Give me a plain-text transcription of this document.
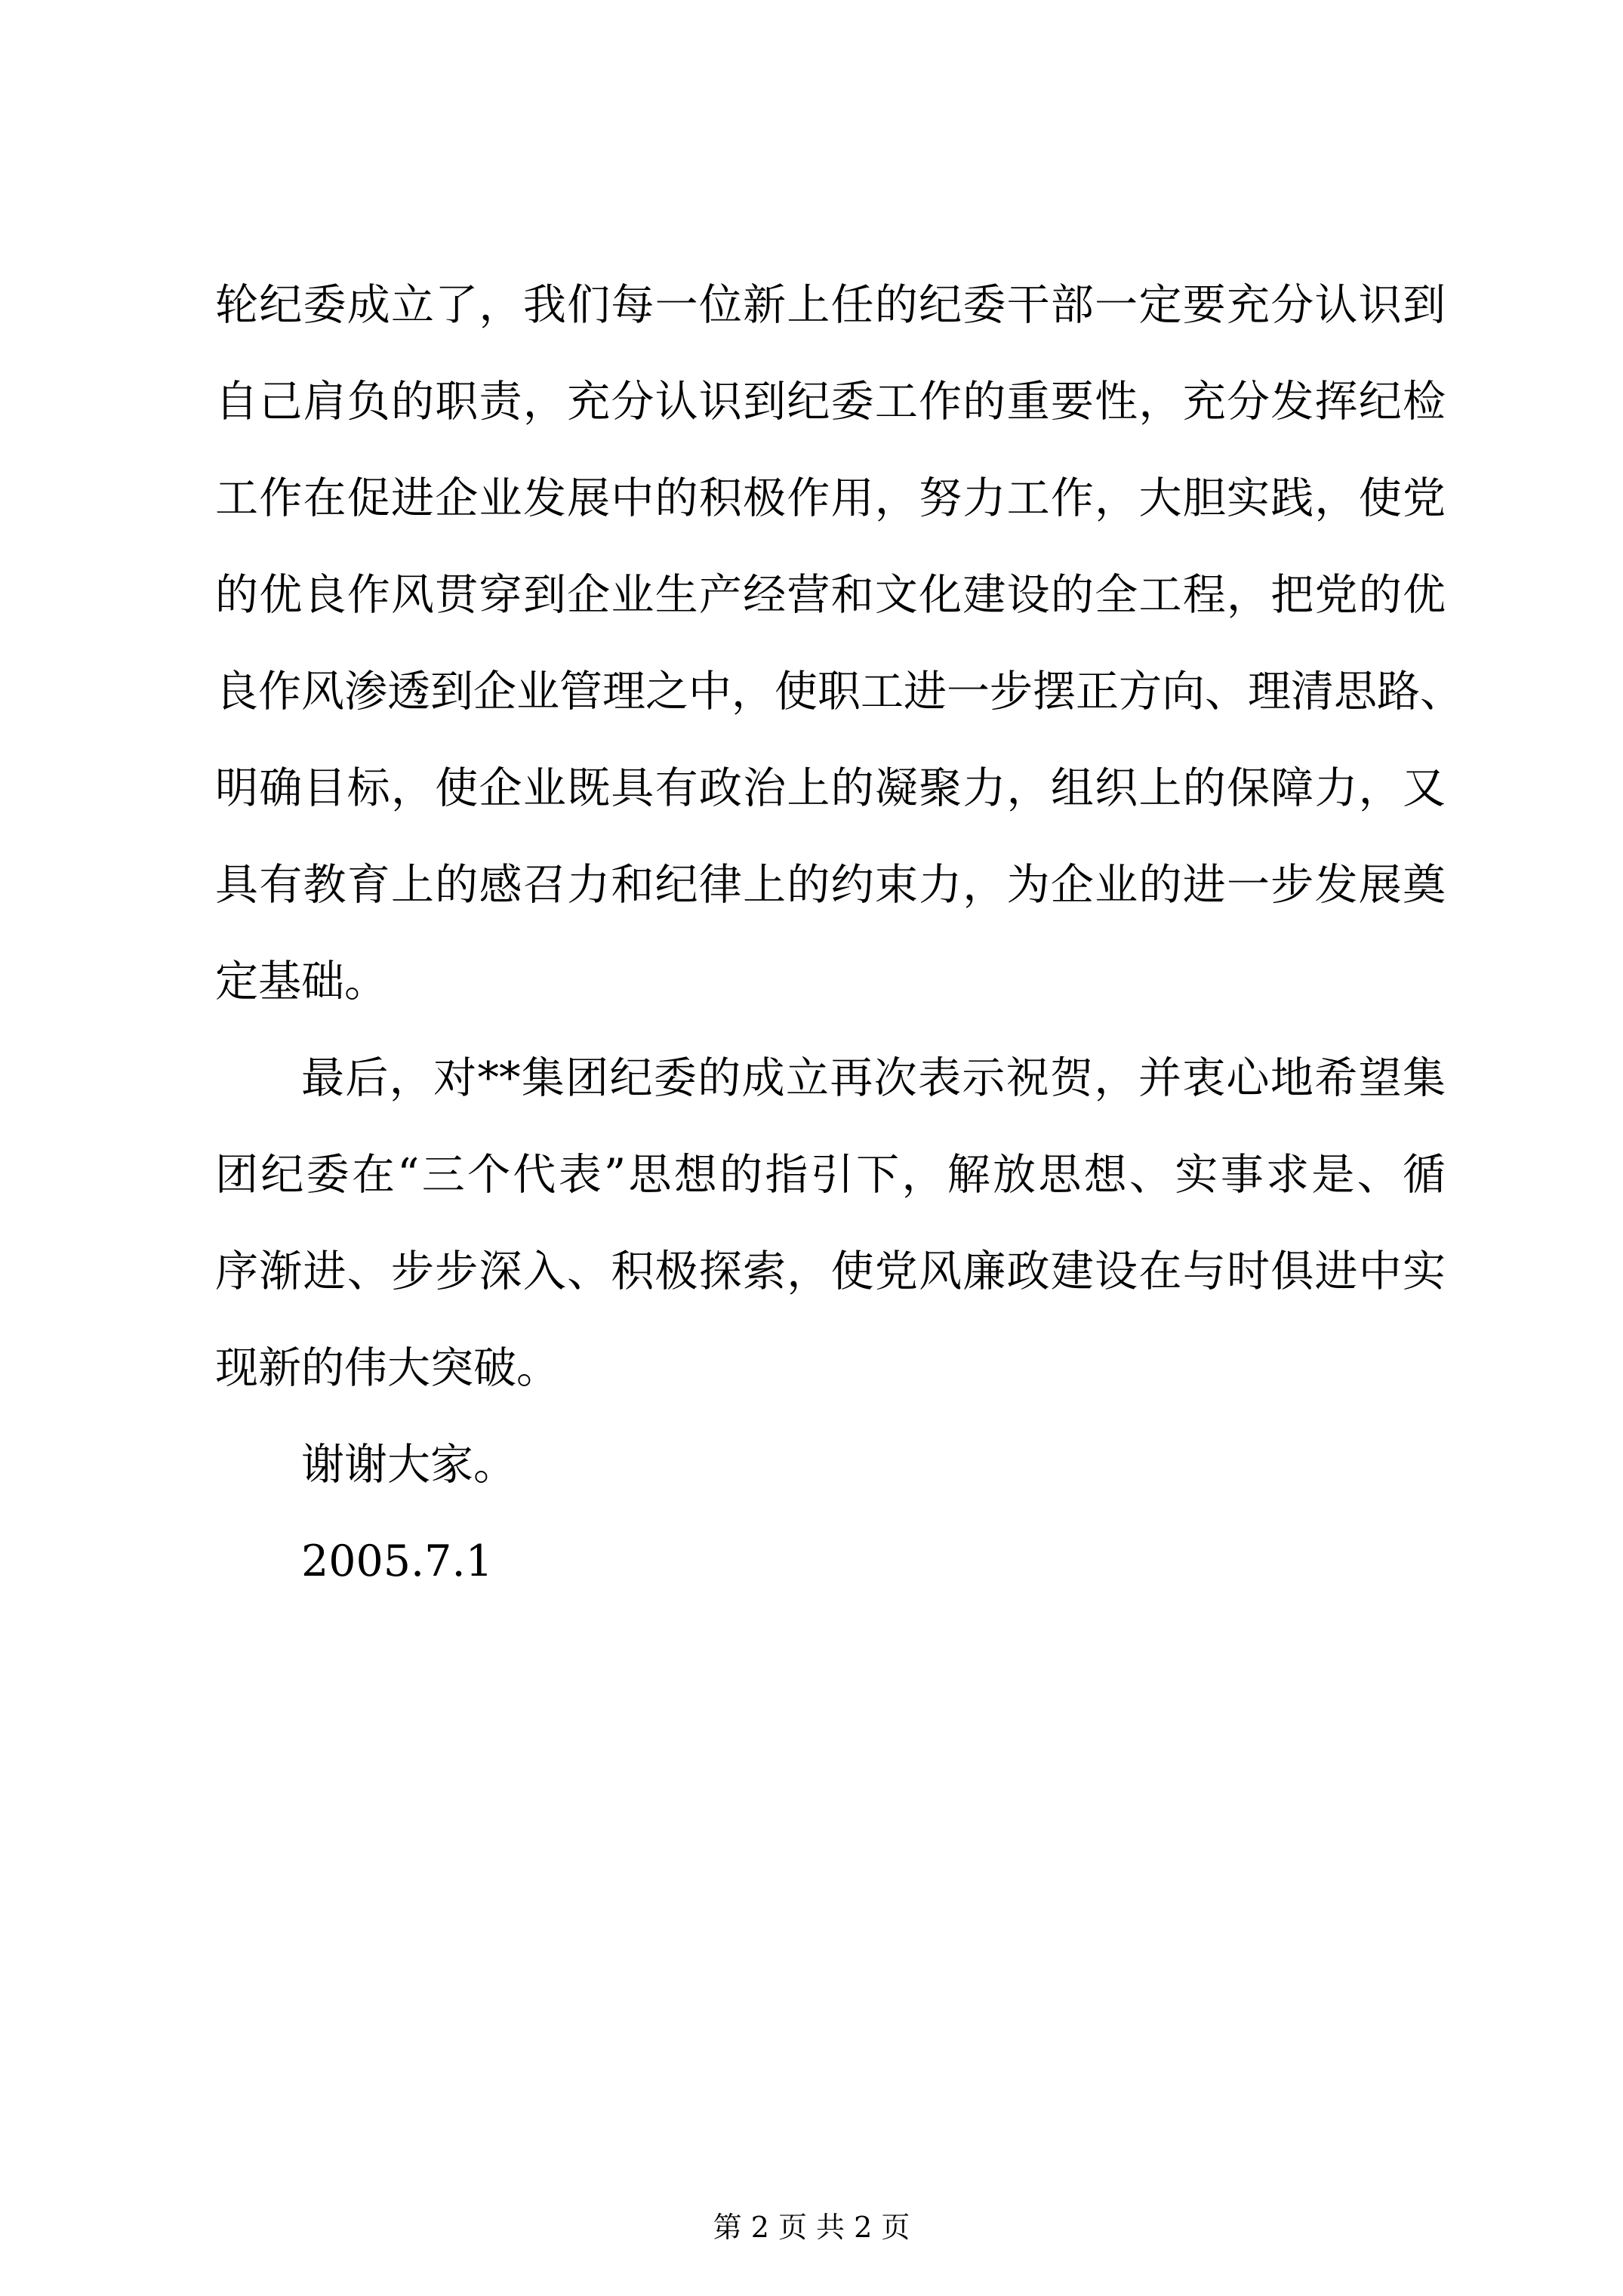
轮纪委成立了，我们每一位新上任的纪委干部一定要充分认识到
自己肩负的职责，充分认识到纪委工作的重要性，充分发挥纪检
工作在促进企业发展中的积极作用，努力工作，大胆实践，使党
的优良作风贯穿到企业生产经营和文化建设的全工程，把党的优
良作风渗透到企业管理之中，使职工进一步摆正方向、理清思路、
明确目标，使企业既具有政治上的凝聚力，组织上的保障力，又
具有教育上的感召力和纪律上的约束力，为企业的进一步发展奠
定基础。
最后，对**集团纪委的成立再次表示祝贺，并衷心地希望集
团纪委在“三个代表”思想的指引下，解放思想、实事求是、循
序渐进、步步深入、积极探索，使党风廉政建设在与时俱进中实
现新的伟大突破。
谢谢大家。
2005.7.1
第 2 页 共 2 页
